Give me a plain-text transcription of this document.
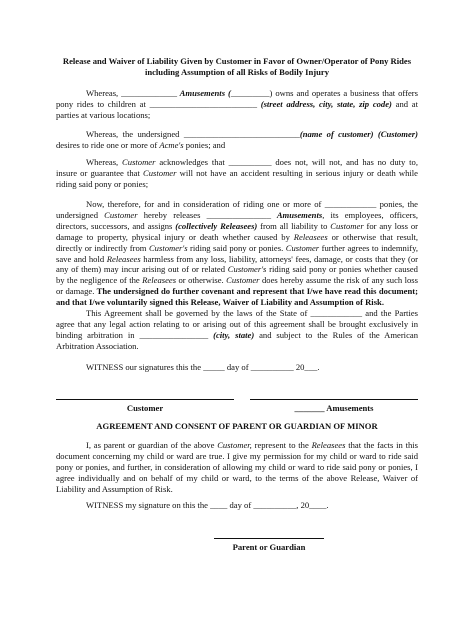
Release and Waiver of Liability Given by Customer in Favor of Owner/Operator of Pony Rides
including Assumption of all Risks of Bodily Injury

Whereas, _____________ Amusements (_________) owns and operates a business that offers pony rides to children at _________________________ (street address, city, state, zip code) and at parties at various locations;

Whereas, the undersigned ___________________________(name of customer) (Customer) desires to ride one or more of Acme's ponies; and

Whereas, Customer acknowledges that __________ does not, will not, and has no duty to, insure or guarantee that Customer will not have an accident resulting in serious injury or death while riding said pony or ponies;

Now, therefore, for and in consideration of riding one or more of ____________ ponies, the undersigned Customer hereby releases _______________ Amusements, its employees, officers, directors, successors, and assigns (collectively Releasees) from all liability to Customer for any loss or damage to property, physical injury or death whether caused by Releasees or otherwise that result, directly or indirectly from Customer's riding said pony or ponies. Customer further agrees to indemnify, save and hold Releasees harmless from any loss, liability, attorneys' fees, damage, or costs that they (or any of them) may incur arising out of or related Customer's riding said pony or ponies whether caused by the negligence of the Releasees or otherwise. Customer does hereby assume the risk of any such loss or damage. The undersigned do further covenant and represent that I/we have read this document; and that I/we voluntarily signed this Release, Waiver of Liability and Assumption of Risk.

This Agreement shall be governed by the laws of the State of ____________ and the Parties agree that any legal action relating to or arising out of this agreement shall be brought exclusively in binding arbitration in ________________ (city, state) and subject to the Rules of the American Arbitration Association.

WITNESS our signatures this the _____ day of __________ 20___.

Customer	_______ Amusements

AGREEMENT AND CONSENT OF PARENT OR GUARDIAN OF MINOR

I, as parent or guardian of the above Customer, represent to the Releasees that the facts in this document concerning my child or ward are true. I give my permission for my child or ward to ride said pony or ponies, and further, in consideration of allowing my child or ward to ride said pony or ponies, I agree individually and on behalf of my child or ward, to the terms of the above Release, Waiver of Liability and Assumption of Risk.

WITNESS my signature on this the ____ day of __________, 20____.

Parent or Guardian
